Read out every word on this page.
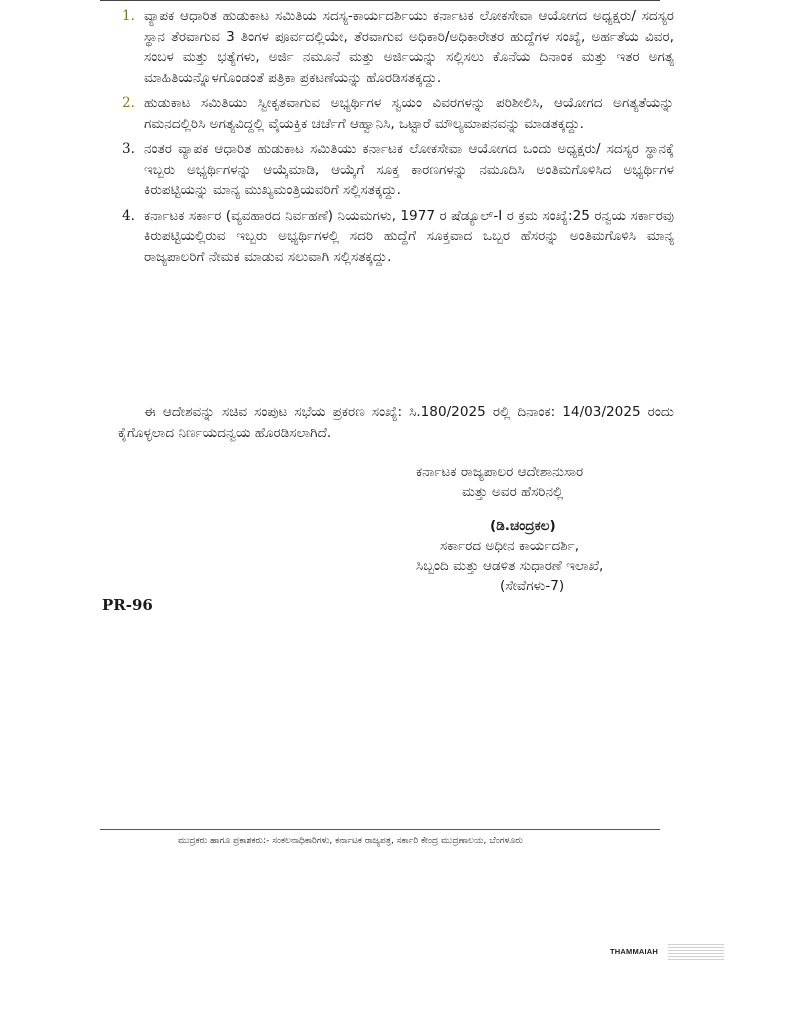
1. ವ್ಯಾಪಕ ಆಧಾರಿತ ಹುಡುಕಾಟ ಸಮಿತಿಯ ಸದಸ್ಯ-ಕಾರ್ಯದರ್ಶಿಯು ಕರ್ನಾಟಕ ಲೋಕಸೇವಾ ಆಯೋಗದ ಅಧ್ಯಕ್ಷರು/ ಸದಸ್ಯರ ಸ್ಥಾನ ತೆರವಾಗುವ 3 ತಿಂಗಳ ಪೂರ್ವದಲ್ಲಿಯೇ, ತೆರವಾಗುವ ಅಧಿಕಾರಿ/ಅಧಿಕಾರೇತರ ಹುದ್ದೆಗಳ ಸಂಖ್ಯೆ, ಅರ್ಹತೆಯ ವಿವರ, ಸಂಬಳ ಮತ್ತು ಭತ್ಯೆಗಳು, ಅರ್ಜಿ ನಮೂನೆ ಮತ್ತು ಅರ್ಜಿಯನ್ನು ಸಲ್ಲಿಸಲು ಕೊನೆಯ ದಿನಾಂಕ ಮತ್ತು ಇತರ ಅಗತ್ಯ ಮಾಹಿತಿಯನ್ನೊಳಗೊಂಡಂತೆ ಪತ್ರಿಕಾ ಪ್ರಕಟಣೆಯನ್ನು ಹೊರಡಿಸತಕ್ಕದ್ದು.
2. ಹುಡುಕಾಟ ಸಮಿತಿಯು ಸ್ವೀಕೃತವಾಗುವ ಅಭ್ಯರ್ಥಿಗಳ ಸ್ವಯಂ ವಿವರಗಳನ್ನು ಪರಿಶೀಲಿಸಿ, ಆಯೋಗದ ಅಗತ್ಯತೆಯನ್ನು ಗಮನದಲ್ಲಿರಿಸಿ ಅಗತ್ಯವಿದ್ದಲ್ಲಿ ವೈಯಕ್ತಿಕ ಚರ್ಚೆಗೆ ಆಹ್ವಾನಿಸಿ, ಒಟ್ಟಾರೆ ಮೌಲ್ಯಮಾಪನವನ್ನು ಮಾಡತಕ್ಕದ್ದು.
3. ನಂತರ ವ್ಯಾಪಕ ಆಧಾರಿತ ಹುಡುಕಾಟ ಸಮಿತಿಯು ಕರ್ನಾಟಕ ಲೋಕಸೇವಾ ಆಯೋಗದ ಒಂದು ಅಧ್ಯಕ್ಷರು/ ಸದಸ್ಯರ ಸ್ಥಾನಕ್ಕೆ ಇಬ್ಬರು ಅಭ್ಯರ್ಥಿಗಳನ್ನು ಆಯ್ಕೆಮಾಡಿ, ಆಯ್ಕೆಗೆ ಸೂಕ್ತ ಕಾರಣಗಳನ್ನು ನಮೂದಿಸಿ ಅಂತಿಮಗೊಳಿಸಿದ ಅಭ್ಯರ್ಥಿಗಳ ಕಿರುಪಟ್ಟಿಯನ್ನು ಮಾನ್ಯ ಮುಖ್ಯಮಂತ್ರಿಯವರಿಗೆ ಸಲ್ಲಿಸತಕ್ಕದ್ದು.
4. ಕರ್ನಾಟಕ ಸರ್ಕಾರ (ವ್ಯವಹಾರದ ನಿರ್ವಹಣೆ) ನಿಯಮಗಳು, 1977 ರ ಷೆಡ್ಯೂಲ್-I ರ ಕ್ರಮ ಸಂಖ್ಯೆ:25 ರನ್ವಯ ಸರ್ಕಾರವು ಕಿರುಪಟ್ಟಿಯಲ್ಲಿರುವ ಇಬ್ಬರು ಅಭ್ಯರ್ಥಿಗಳಲ್ಲಿ ಸದರಿ ಹುದ್ದೆಗೆ ಸೂಕ್ತವಾದ ಒಬ್ಬರ ಹೆಸರನ್ನು ಅಂತಿಮಗೊಳಿಸಿ ಮಾನ್ಯ ರಾಜ್ಯಪಾಲರಿಗೆ ನೇಮಕ ಮಾಡುವ ಸಲುವಾಗಿ ಸಲ್ಲಿಸತಕ್ಕದ್ದು.

ಈ ಆದೇಶವನ್ನು ಸಚಿವ ಸಂಪುಟ ಸಭೆಯ ಪ್ರಕರಣ ಸಂಖ್ಯೆ: ಸಿ.180/2025 ರಲ್ಲಿ ದಿನಾಂಕ: 14/03/2025 ರಂದು ಕೈಗೊಳ್ಳಲಾದ ನಿರ್ಣಯದನ್ವಯ ಹೊರಡಿಸಲಾಗಿದೆ.

ಕರ್ನಾಟಕ ರಾಜ್ಯಪಾಲರ ಆದೇಶಾನುಸಾರ
ಮತ್ತು ಅವರ ಹೆಸರಿನಲ್ಲಿ
(ಡಿ.ಚಂದ್ರಕಲ)
ಸರ್ಕಾರದ ಅಧೀನ ಕಾರ್ಯದರ್ಶಿ,
ಸಿಬ್ಬಂದಿ ಮತ್ತು ಆಡಳಿತ ಸುಧಾರಣೆ ಇಲಾಖೆ,
(ಸೇವೆಗಳು-7)
PR-96
ಮುದ್ರಕರು ಹಾಗೂ ಪ್ರಕಾಶಕರು:- ಸಂಕಲನಾಧಿಕಾರಿಗಳು, ಕರ್ನಾಟಕ ರಾಜ್ಯಪತ್ರ, ಸರ್ಕಾರಿ ಕೇಂದ್ರ ಮುದ್ರಣಾಲಯ, ಬೆಂಗಳೂರು
THAMMAIAH
